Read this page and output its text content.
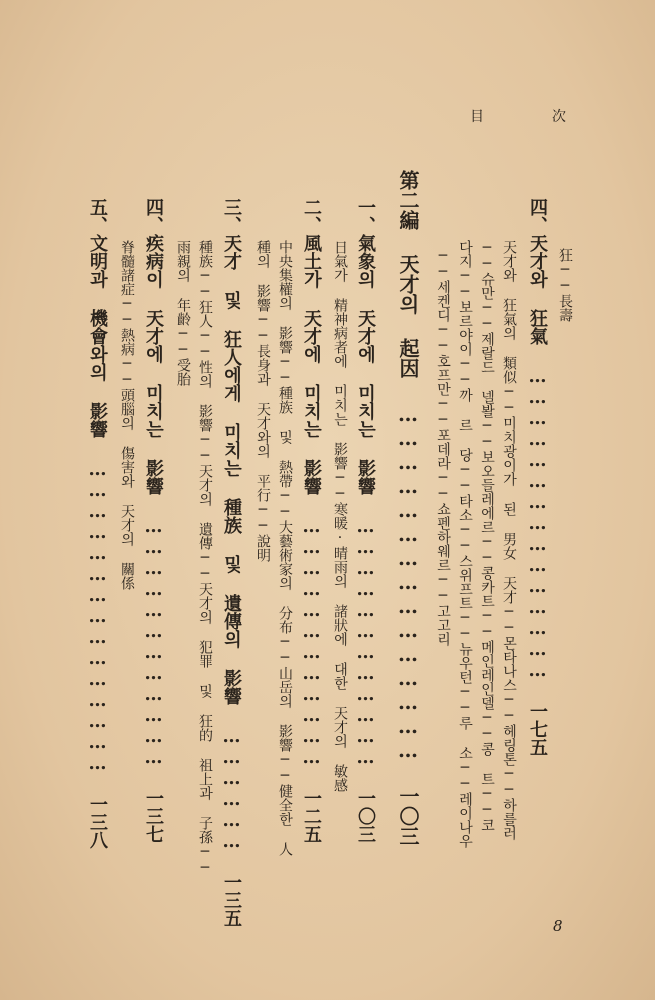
目	次
狂──長壽
四、天才와 狂氣 ……………………………………… 一七五
天才와 狂氣의 類似──미치광이가 된 男女 天才──몬타나스──헤링톤──하를러
──슈만──제랄드 넬봘──보오들레에르──콩카트──메인레인델──콩 트──코
다지──보르야이──까 르 당──타소──스위프트──뉴우턴──루 소──레이나우
──세켄디──호프만──포데라──쇼펜하웨르──고고리
第二編 天才의 起因 ……………………………………… 一〇三
一、氣象의 天才에 미치는 影響 ……………………………… 一〇三
日氣가 精神病者에 미치는 影響──寒暖·晴雨의 諸狀에 대한 天才의 敏感
二、風土가 天才에 미치는 影響 ……………………………… 一二五
中央集權의 影響──種族 및 熱帶──大藝術家의 分布──山岳의 影響──健全한 人
種의 影響──長身과 天才와의 平行──說明
三、天才 및 狂人에게 미치는 種族 및 遺傳의 影響 ……………… 一三五
種族──狂人──性의 影響──天才의 遺傳──天才의 犯罪 및 狂的 祖上과 子孫──
雨親의 年齡──受胎
四、疾病이 天才에 미치는 影響 ……………………………… 一三七
脊髓諸症──熱病──頭腦의 傷害와 天才의 關係
五、文明과 機會와의 影響 ……………………………………… 一三八
8
